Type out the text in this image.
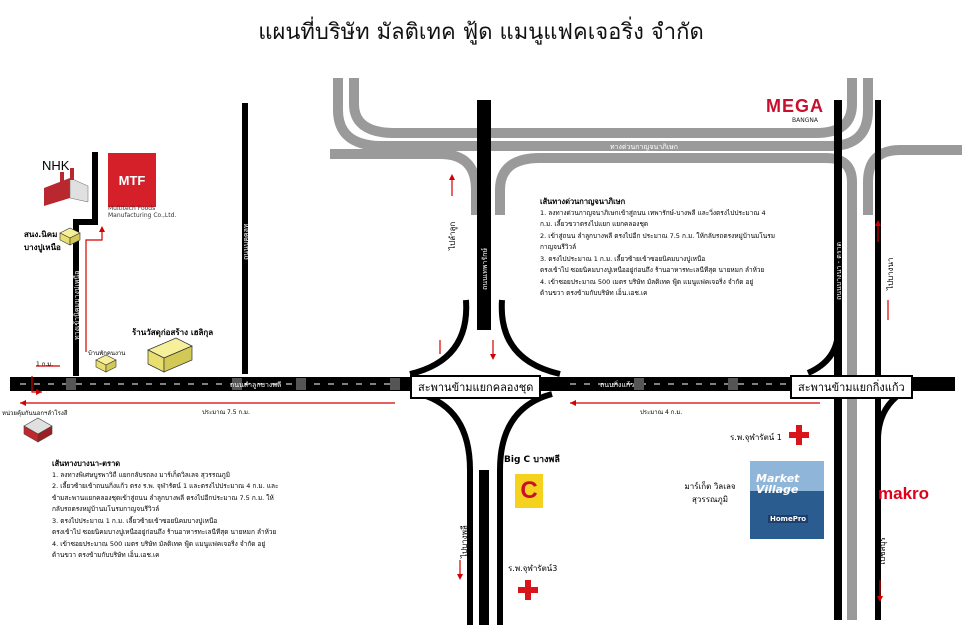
แผนที่บริษัท มัลติเทค ฟู้ด แมนูแฟคเจอริ่ง จำกัด
NHK
MTF
Multitech Foods Manufacturing Co.,Ltd.
MEGA
BANGNA
makro
Big C บางพลี
C	มาร์เก็ต วิลเลจ สุวรรณภูมิ
Market Village
HomePro
ร.พ.จุฬารัตน์ 1
ร.พ.จุฬารัตน์3
สนง.นิคม บางปูเหนือ
ร้านวัสดุก่อสร้าง เฮลิกุล
บ้านพักคนงาน
หน่วยคุ้มกันนอกฯลำโรงสี
สะพานข้ามแยกคลองชุด	สะพานข้ามแยกกิ่งแก้ว
ถนนลำลูกบางพลี	ถนนกิ่งแก้ว
ทางด่วนกาญจนาภิเษก
1 ก.ม.
ประมาณ 7.5 ก.ม.	ประมาณ 4 ก.ม.
ถนนบุคคลท
ทางเข้านิคมบางปูเหนือ
ถนนเทพารักษ์	ถนนบางนา - ตราด
ไปลำลูก
ไปบางนา
ไปบางพลี	ไปชลบุรี
เส้นทางด่วนกาญจนาภิเษก
1. ลงทางด่วนกาญจนาภิเษกเข้าสู่ถนน เทพารักษ์-บางพลี และวิ่งตรงไปประมาณ 4
ก.ม. เลี้ยวขวาตรงไปแยก แยกคลองชุด
2. เข้าสู่ถนน ลำลูกบางพลี ตรงไปอีก ประมาณ 7.5 ก.ม. ให้กลับรถตรงหมู่บ้านมโนรม
กาญจนรีวิวล์
3. ตรงไปประมาณ 1 ก.ม. เลี้ยวซ้ายเข้าซอยนิคมบางปูเหนือ
ตรงเข้าไป ซอยนิคมบางปูเหนืออยู่ก่อนถึง ร้านอาหารทะเลนีทีสุด นายหมก ลำห้วย
4. เข้าซอยประมาณ 500 เมตร บริษัท มัลติเทค ฟู้ด แมนูแฟคเจอริ่ง จำกัด อยู่
ด้านขวา ตรงข้ามกับบริษัท เอ็น.เอช.เค
เส้นทางบางนา-ตราด
1. ลงทางพิเศษบูรพาวิถี แยกกลับรถลง มาร์เก็ตวิลเลจ สุวรรณภูมิ
2. เลี้ยวซ้ายเข้าถนนกิ่งแก้ว ตรง ร.พ. จุฬารัตน์ 1 และตรงไปประมาณ 4 ก.ม. และ
ข้ามสะพานแยกคลองชุดเข้าสู่ถนน ลำลูกบางพลี ตรงไปอีกประมาณ 7.5 ก.ม. ให้
กลับรถตรงหมู่บ้านมโนรมกาญจนรีวิวล์
3. ตรงไปประมาณ 1 ก.ม. เลี้ยวซ้ายเข้าซอยนิคมบางปูเหนือ
ตรงเข้าไป ซอยนิคมบางปูเหนืออยู่ก่อนถึง ร้านอาหารทะเลนีทีสุด นายหมก ลำห้วย
4. เข้าซอยประมาณ 500 เมตร บริษัท มัลติเทค ฟู้ด แมนูแฟคเจอริ่ง จำกัด อยู่
ด้านขวา ตรงข้ามกับบริษัท เอ็น.เอช.เค
